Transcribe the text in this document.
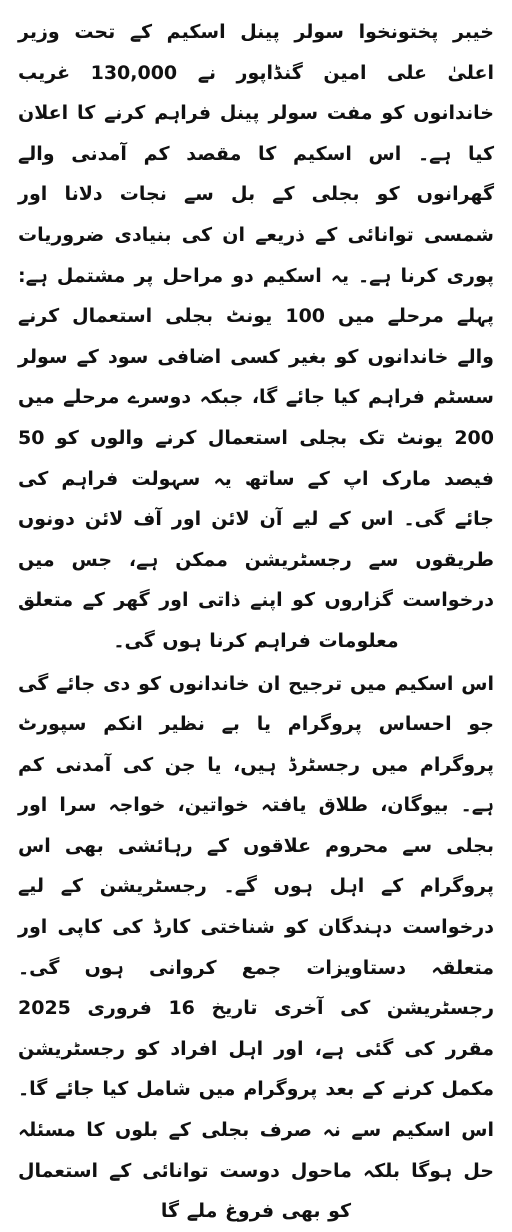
خیبر پختونخوا سولر پینل اسکیم کے تحت وزیر اعلیٰ علی امین گنڈاپور نے 130,000 غریب خاندانوں کو مفت سولر پینل فراہم کرنے کا اعلان کیا ہے۔ اس اسکیم کا مقصد کم آمدنی والے گھرانوں کو بجلی کے بل سے نجات دلانا اور شمسی توانائی کے ذریعے ان کی بنیادی ضروریات پوری کرنا ہے۔ یہ اسکیم دو مراحل پر مشتمل ہے: پہلے مرحلے میں 100 یونٹ بجلی استعمال کرنے والے خاندانوں کو بغیر کسی اضافی سود کے سولر سسٹم فراہم کیا جائے گا، جبکہ دوسرے مرحلے میں 200 یونٹ تک بجلی استعمال کرنے والوں کو 50 فیصد مارک اپ کے ساتھ یہ سہولت فراہم کی جائے گی۔ اس کے لیے آن لائن اور آف لائن دونوں طریقوں سے رجسٹریشن ممکن ہے، جس میں درخواست گزاروں کو اپنے ذاتی اور گھر کے متعلق معلومات فراہم کرنا ہوں گی۔

اس اسکیم میں ترجیح ان خاندانوں کو دی جائے گی جو احساس پروگرام یا بے نظیر انکم سپورٹ پروگرام میں رجسٹرڈ ہیں، یا جن کی آمدنی کم ہے۔ بیوگان، طلاق یافتہ خواتین، خواجہ سرا اور بجلی سے محروم علاقوں کے رہائشی بھی اس پروگرام کے اہل ہوں گے۔ رجسٹریشن کے لیے درخواست دہندگان کو شناختی کارڈ کی کاپی اور متعلقہ دستاویزات جمع کروانی ہوں گی۔ رجسٹریشن کی آخری تاریخ 16 فروری 2025 مقرر کی گئی ہے، اور اہل افراد کو رجسٹریشن مکمل کرنے کے بعد پروگرام میں شامل کیا جائے گا۔ اس اسکیم سے نہ صرف بجلی کے بلوں کا مسئلہ حل ہوگا بلکہ ماحول دوست توانائی کے استعمال کو بھی فروغ ملے گا
